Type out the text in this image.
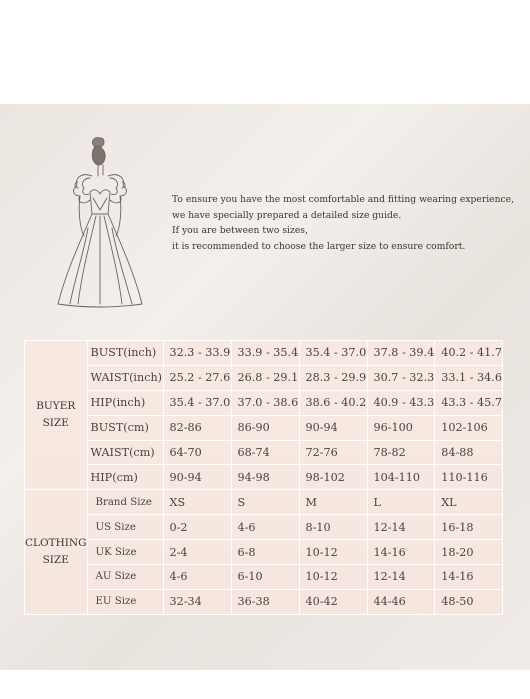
To ensure you have the most comfortable and fitting wearing experience,
we have specially prepared a detailed size guide.
If you are between two sizes,
it is recommended to choose the larger size to ensure comfort.
BUYER
SIZE	BUST(inch)	32.3 - 33.9	33.9 - 35.4	35.4 - 37.0	37.8 - 39.4	40.2 - 41.7
	WAIST(inch)	25.2 - 27.6	26.8 - 29.1	28.3 - 29.9	30.7 - 32.3	33.1 - 34.6
	HIP(inch)	35.4 - 37.0	37.0 - 38.6	38.6 - 40.2	40.9 - 43.3	43.3 - 45.7
	BUST(cm)	82-86	86-90	90-94	96-100	102-106
	WAIST(cm)	64-70	68-74	72-76	78-82	84-88
	HIP(cm)	90-94	94-98	98-102	104-110	110-116

CLOTHING
SIZE	Brand Size	XS	S	M	L	XL
	US Size	0-2	4-6	8-10	12-14	16-18
	UK Size	2-4	6-8	10-12	14-16	18-20
	AU Size	4-6	6-10	10-12	12-14	14-16
	EU Size	32-34	36-38	40-42	44-46	48-50
